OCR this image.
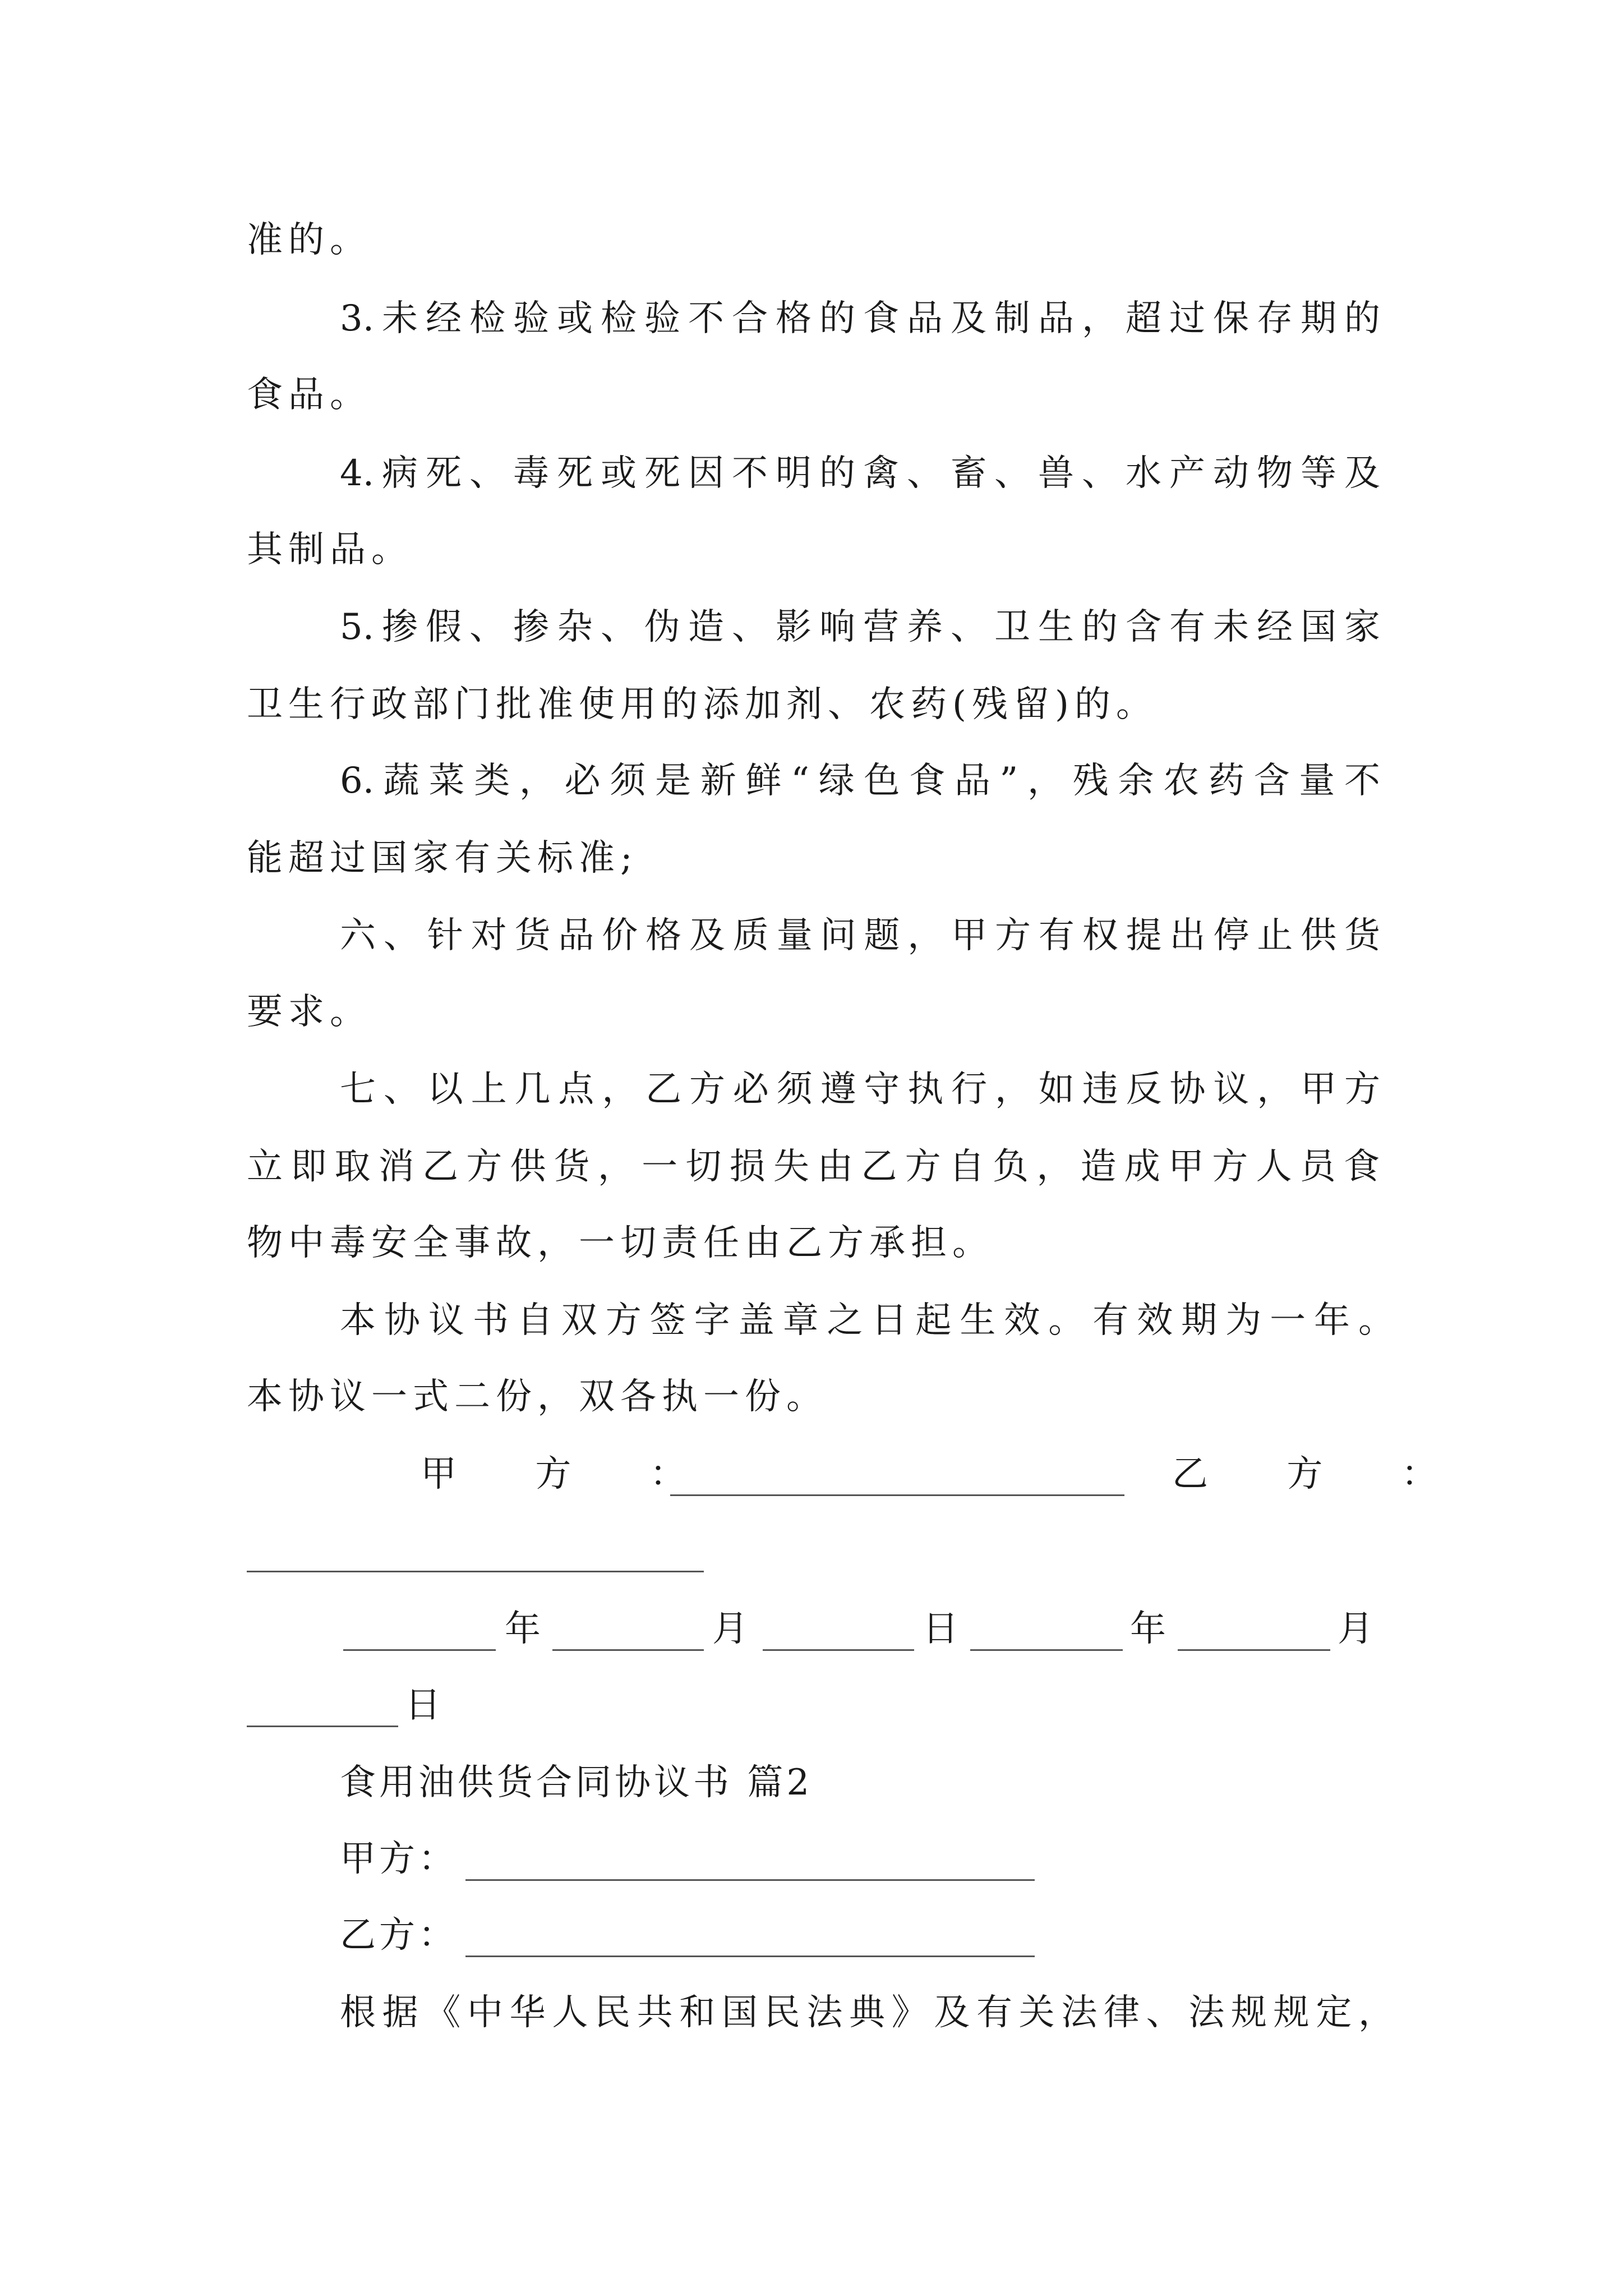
准的。
3.未经检验或检验不合格的食品及制品，超过保存期的
食品。
4.病死、毒死或死因不明的禽、畜、兽、水产动物等及
其制品。
5.掺假、掺杂、伪造、影响营养、卫生的含有未经国家
卫生行政部门批准使用的添加剂、农药(残留)的。
6.蔬菜类，必须是新鲜“绿色食品”，残余农药含量不
能超过国家有关标准;
六、针对货品价格及质量问题，甲方有权提出停止供货
要求。
七、以上几点，乙方必须遵守执行，如违反协议，甲方
立即取消乙方供货，一切损失由乙方自负，造成甲方人员食
物中毒安全事故，一切责任由乙方承担。
本协议书自双方签字盖章之日起生效。有效期为一年。
本协议一式二份，双各执一份。
甲 方 ：	乙 方 ：
年	月	日	年	月
日
食用油供货合同协议书 篇2
甲方：
乙方：
根据《中华人民共和国民法典》及有关法律、法规规定，
